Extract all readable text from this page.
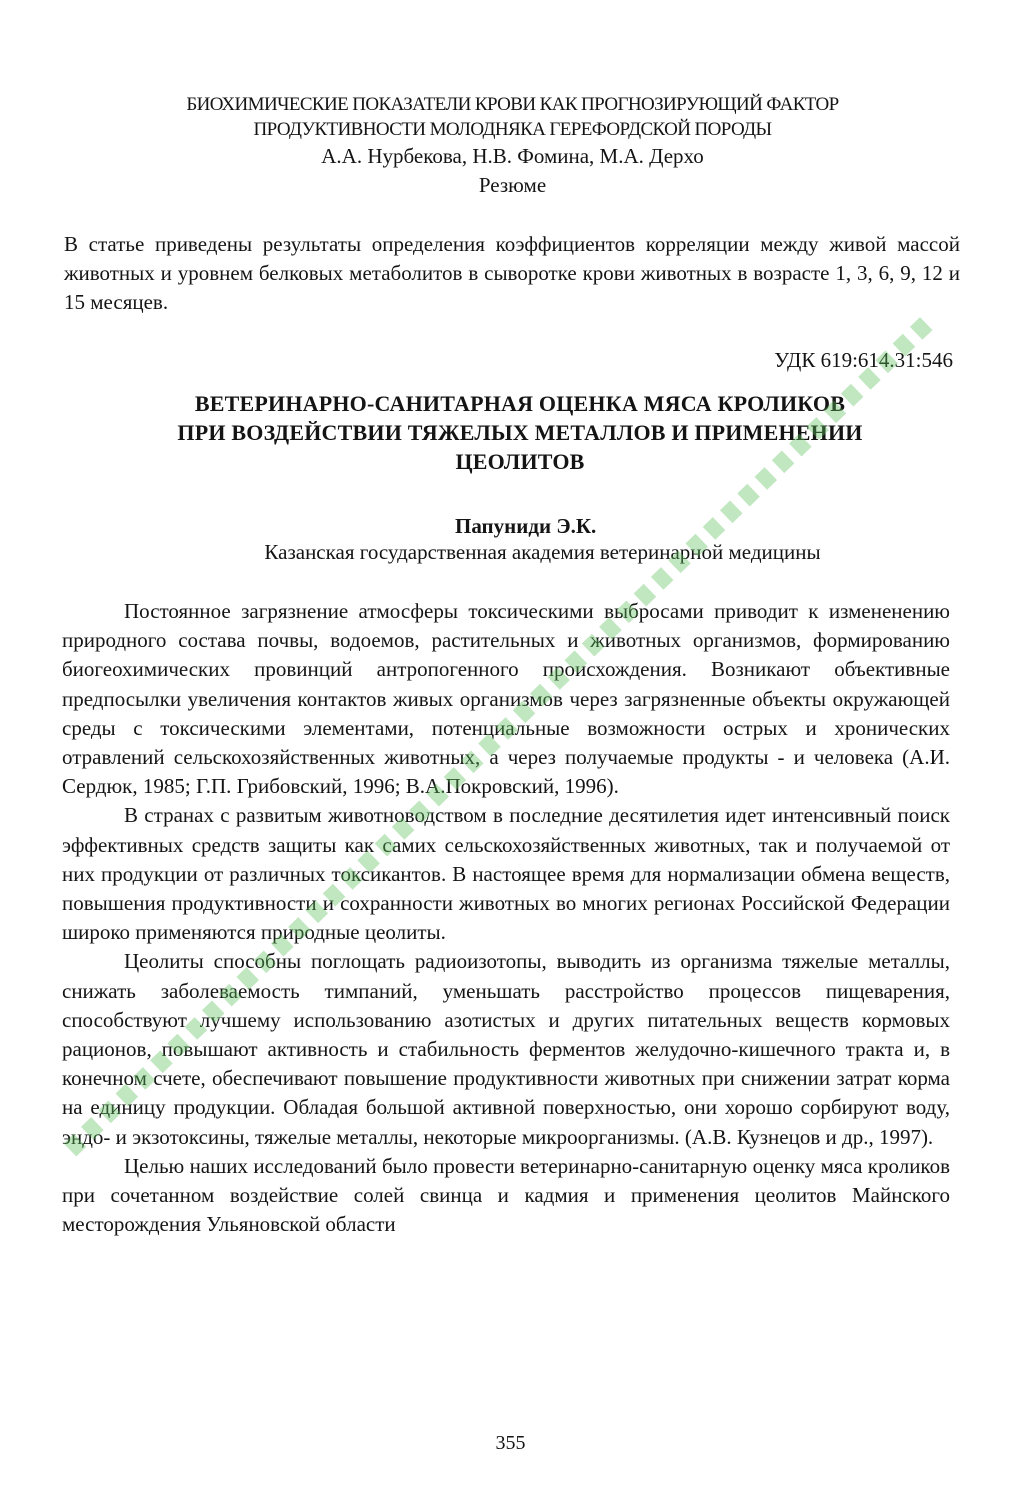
БИОХИМИЧЕСКИЕ ПОКАЗАТЕЛИ КРОВИ КАК ПРОГНОЗИРУЮЩИЙ ФАКТОР
ПРОДУКТИВНОСТИ МОЛОДНЯКА ГЕРЕФОРДСКОЙ ПОРОДЫ
А.А. Нурбекова, Н.В. Фомина, М.А. Дерхо
Резюме
В статье приведены результаты определения коэффициентов корреляции между живой массой животных и уровнем белковых метаболитов в сыворотке крови животных в возрасте 1, 3, 6, 9, 12 и 15 месяцев.
УДК 619:614.31:546
ВЕТЕРИНАРНО-САНИТАРНАЯ ОЦЕНКА МЯСА КРОЛИКОВ
ПРИ ВОЗДЕЙСТВИИ ТЯЖЕЛЫХ МЕТАЛЛОВ И ПРИМЕНЕНИИ
ЦЕОЛИТОВ
Папуниди Э.К.
Казанская государственная академия ветеринарной медицины

Постоянное загрязнение атмосферы токсическими выбросами приводит к измененению природного состава почвы, водоемов, растительных и животных организмов, формированию биогеохимических провинций антропогенного происхождения. Возникают объективные предпосылки увеличения контактов живых организмов через загрязненные объекты окружающей среды с токсическими элементами, потенциальные возможности острых и хронических отравлений сельскохозяйственных животных, а через получаемые продукты - и человека (А.И. Сердюк, 1985; Г.П. Грибовский, 1996; В.А.Покровский, 1996).

В странах с развитым животноводством в последние десятилетия идет интенсивный поиск эффективных средств защиты как самих сельскохозяйственных животных, так и получаемой от них продукции от различных токсикантов. В настоящее время для нормализации обмена веществ, повышения продуктивности и сохранности животных во многих регионах Российской Федерации широко применяются природные цеолиты.

Цеолиты способны поглощать радиоизотопы, выводить из организма тяжелые металлы, снижать заболеваемость тимпаний, уменьшать расстройство процессов пищеварения, способствуют лучшему использованию азотистых и других питательных веществ кормовых рационов, повышают активность и стабильность ферментов желудочно-кишечного тракта и, в конечном счете, обеспечивают повышение продуктивности животных при снижении затрат корма на единицу продукции. Обладая большой активной поверхностью, они хорошо сорбируют воду, эндо- и экзотоксины, тяжелые металлы, некоторые микроорганизмы. (А.В. Кузнецов и др., 1997).

Целью наших исследований было провести ветеринарно-санитарную оценку мяса кроликов при сочетанном воздействие солей свинца и кадмия и применения цеолитов Майнского месторождения Ульяновской области

355
